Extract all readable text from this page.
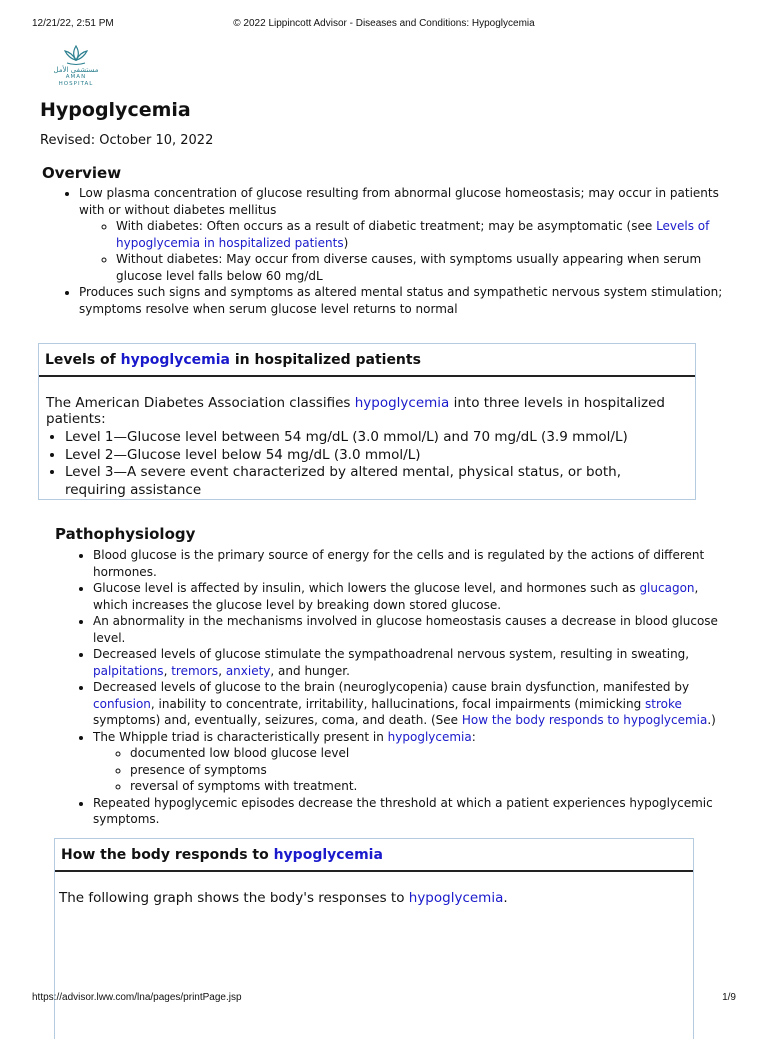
12/21/22, 2:51 PM	© 2022 Lippincott Advisor - Diseases and Conditions: Hypoglycemia
مستشفى الأمل
AMAN HOSPITAL
Hypoglycemia
Revised: October 10, 2022
Overview
• Low plasma concentration of glucose resulting from abnormal glucose homeostasis; may occur in patients with or without diabetes mellitus
◦ With diabetes: Often occurs as a result of diabetic treatment; may be asymptomatic (see Levels of hypoglycemia in hospitalized patients)
◦ Without diabetes: May occur from diverse causes, with symptoms usually appearing when serum glucose level falls below 60 mg/dL
• Produces such signs and symptoms as altered mental status and sympathetic nervous system stimulation; symptoms resolve when serum glucose level returns to normal
Levels of hypoglycemia in hospitalized patients
The American Diabetes Association classifies hypoglycemia into three levels in hospitalized patients:
• Level 1—Glucose level between 54 mg/dL (3.0 mmol/L) and 70 mg/dL (3.9 mmol/L)
• Level 2—Glucose level below 54 mg/dL (3.0 mmol/L)
• Level 3—A severe event characterized by altered mental, physical status, or both, requiring assistance
Pathophysiology
• Blood glucose is the primary source of energy for the cells and is regulated by the actions of different hormones.
• Glucose level is affected by insulin, which lowers the glucose level, and hormones such as glucagon, which increases the glucose level by breaking down stored glucose.
• An abnormality in the mechanisms involved in glucose homeostasis causes a decrease in blood glucose level.
• Decreased levels of glucose stimulate the sympathoadrenal nervous system, resulting in sweating, palpitations, tremors, anxiety, and hunger.
• Decreased levels of glucose to the brain (neuroglycopenia) cause brain dysfunction, manifested by confusion, inability to concentrate, irritability, hallucinations, focal impairments (mimicking stroke symptoms) and, eventually, seizures, coma, and death. (See How the body responds to hypoglycemia.)
• The Whipple triad is characteristically present in hypoglycemia:
◦ documented low blood glucose level
◦ presence of symptoms
◦ reversal of symptoms with treatment.
• Repeated hypoglycemic episodes decrease the threshold at which a patient experiences hypoglycemic symptoms.
How the body responds to hypoglycemia
The following graph shows the body's responses to hypoglycemia.
https://advisor.lww.com/lna/pages/printPage.jsp	1/9
